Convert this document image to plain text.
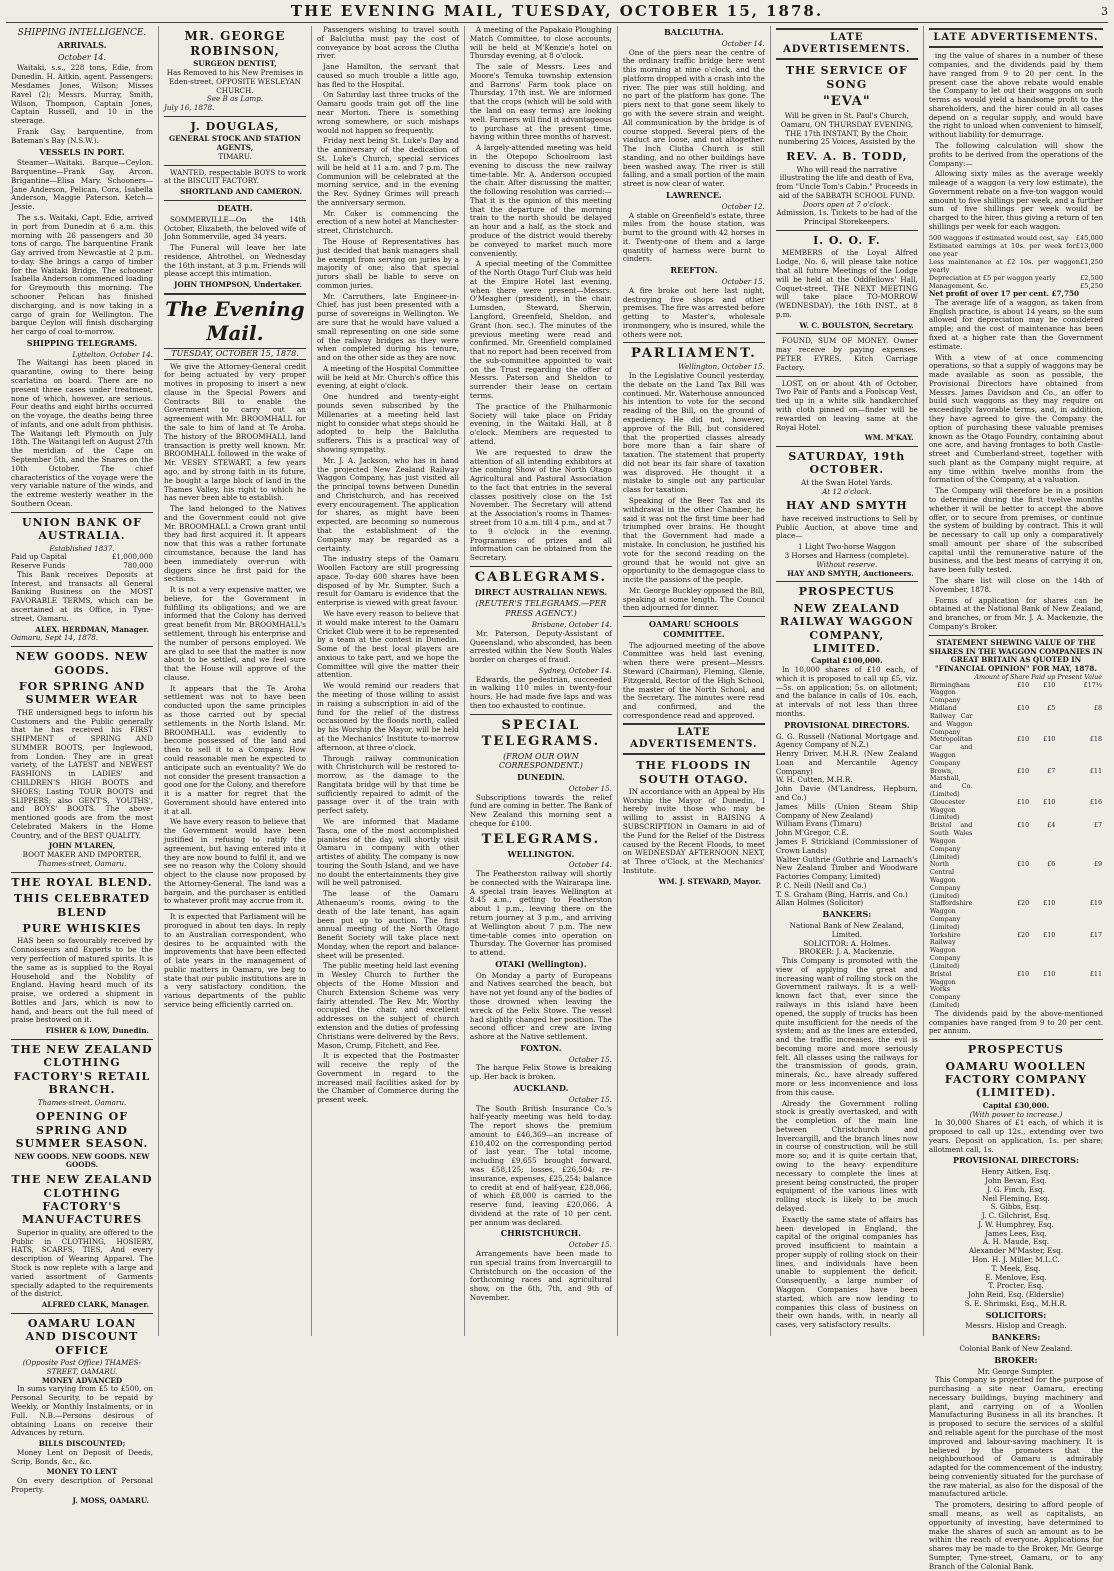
THE EVENING MAIL, TUESDAY, OCTOBER 15, 1878.	3
SHIPPING INTELLIGENCE.
ARRIVALS.
October 14.

Waitaki, s.s., 228 tons, Edie, from Dunedin. H. Aitkin, agent. Passengers: Mesdames Jones, Wilson; Misses Ravel (2); Messrs. Murray, Smith, Wilson, Thompson, Captain Jones, Captain Russell, and 10 in the steerage.

Frank Gay, barquentine, from Bateman's Bay (N.S.W.).

VESSELS IN PORT.

Steamer—Waitaki. Barque—Ceylon. Barquentine—Frank Gay, Arcon. Brigantine—Elisa Mary. Schooners—Jane Anderson, Pelican, Cora, Isabella Anderson, Maggie Paterson. Ketch—Jessie.

The s.s. Waitaki, Capt. Edie, arrived in port from Dunedin at 6 a.m. this morning with 26 passengers and 30 tons of cargo. The barquentine Frank Gay arrived from Newcastle at 2 p.m. to-day. She brings a cargo of timber for the Waitaki Bridge. The schooner Isabella Anderson commenced loading for Greymouth this morning. The schooner Pelican has finished discharging, and is now taking in a cargo of grain for Wellington. The barque Ceylon will finish discharging her cargo of coal to-morrow.

SHIPPING TELEGRAMS.
Lyttelton, October 14.

The Waitangi has been placed in quarantine, owing to there being scarlatina on board. There are no present three cases under treatment, none of which, however, are serious. Four deaths and eight births occurred on the voyage, the deaths being three of infants, and one adult from phthisis. The Waitangi left Plymouth on July 18th. The Waitangi left on August 27th the meridian of the Cape on September 5th, and the Snares on the 10th October. The chief characteristics of the voyage were the very variable nature of the winds, and the extreme westerly weather in the Southern Ocean.

UNION BANK OF AUSTRALIA.
Established 1837.
Paid up Capital	£1,000,000
Reserve Funds	780,000

This Bank receives Deposits at Interest, and transacts all General Banking Business on the MOST FAVORABLE TERMS, which can be ascertained at its Office, in Tyne-street, Oamaru.

ALEX. HERDMAN, Manager.
Oamaru, Sept 14, 1878.
NEW GOODS. NEW GOODS.
FOR SPRING AND SUMMER WEAR

THE undersigned begs to inform his Customers and the Public generally that he has received his FIRST SHIPMENT of SPRING AND SUMMER BOOTS, per Inglewood, from London. They are in great variety, of the LATEST and NEWEST FASHIONS in LADIES' and CHILDREN'S HIGH BOOTS and SHOES; Lasting TOUR BOOTS and SLIPPERS; also GENT'S, YOUTHS', and BOYS' BOOTS. The above-mentioned goods are from the most Celebrated Makers in the Home Country, and of the BEST QUALITY.

JOHN M'LAREN,
BOOT MAKER AND IMPORTER,
Thames-street, Oamaru.
THE ROYAL BLEND.
THIS CELEBRATED BLEND
PURE WHISKIES

HAS been so favourably received by Connoisseurs and Experts to be the very perfection of matured spirits. It is the same as is supplied to the Royal Household and the Nobility of England. Having heard much of its praise, we ordered a shipment in Bottles and Jars, which is now to hand, and bears out the full meed of praise bestowed on it.

FISHER & LOW, Dunedin.
THE NEW ZEALAND CLOTHING FACTORY'S RETAIL BRANCH.
Thames-street, Oamaru.
OPENING OF SPRING AND SUMMER SEASON.
NEW GOODS. NEW GOODS. NEW GOODS.
THE NEW ZEALAND CLOTHING FACTORY'S MANUFACTURES

Superior in quality, are offered to the Public in CLOTHING, HOSIERY, HATS, SCARFS, TIES, And every description of Wearing Apparel. The Stock is now replete with a large and varied assortment of Garments specially adapted to the requirements of the district.

ALFRED CLARK, Manager.
OAMARU LOAN AND DISCOUNT OFFICE
(Opposite Post Office) THAMES-STREET, OAMARU.
MONEY ADVANCED

In sums varying from £5 to £500, on Personal Security, to be repaid by Weekly, or Monthly Instalments, or in Full. N.B.—Persons desirous of obtaining Loans on receive their Advances by return.

BILLS DISCOUNTED;

Money Lent on Deposit of Deeds, Scrip, Bonds, &c., &c.

MONEY TO LENT

On every description of Personal Property.

J. MOSS, OAMARU.
MR. GEORGE ROBINSON,
SURGEON DENTIST,
Has Removed to his New Premises in Eden-street, OPPOSITE WESLEYAN CHURCH.
See B as Lamp.
July 16, 1878.
J. DOUGLAS,
GENERAL STOCK AND STATION AGENTS,
TIMARU.

WANTED, respectable BOYS to work at the BISCUIT FACTORY.

SHORTLAND AND CAMERON.
DEATH.

SOMMERVILLE—On the 14th October, Elizabeth, the beloved wife of John Sommerville, aged 34 years.

The Funeral will leave her late residence, Ahtrothel, on Wednesday the 16th instant, at 3 p.m. Friends will please accept this intimation.

JOHN THOMPSON, Undertaker.
The Evening Mail.
TUESDAY, OCTOBER 15, 1878.

We give the Attorney-General credit for being actuated by very proper motives in proposing to insert a new clause in the Special Powers and Contracts Bill to enable the Government to carry out an agreement with Mr. BROOMHALL for the sale to him of land at Te Aroha. The history of the BROOMHALL land transaction is pretty well known. Mr. BROOMHALL followed in the wake of Mr. VESEY STEWART, a few years ago, and by strong faith in its future, he bought a large block of land in the Thames Valley, his right to which he has never been able to establish.

The land belonged to the Natives and the Government could not give Mr. BROOMHALL a Crown grant until they had first acquired it. It appears now that this was a rather fortunate circumstance, because the land has been immediately over-run with diggers since he first paid for the sections.

It is not a very expensive matter, we believe, for the Government in fulfilling its obligations; and we are informed that the Colony has derived great benefit from Mr. BROOMHALL's settlement, through his enterprise and the number of persons employed. We are glad to see that the matter is now about to be settled, and we feel sure that the House will approve of the clause.

It appears that the Te Aroha settlement was not to have been conducted upon the same principles as those carried out by special settlements in the North Island. Mr. BROOMHALL was evidently to become possessed of the land and then to sell it to a Company. How could reasonable men be expected to anticipate such an eventuality? We do not consider the present transaction a good one for the Colony, and therefore it is a matter for regret that the Government should have entered into it at all.

We have every reason to believe that the Government would have been justified in refusing to ratify the agreement, but having entered into it they are now bound to fulfil it, and we see no reason why the Colony should object to the clause now proposed by the Attorney-General. The land was a bargain, and the purchaser is entitled to whatever profit may accrue from it.

It is expected that Parliament will be prorogued in about ten days. In reply to an Australian correspondent, who desires to be acquainted with the improvements that have been effected of late years in the management of public matters in Oamaru, we beg to state that our public institutions are in a very satisfactory condition, the various departments of the public service being efficiently carried on.

Passengers wishing to travel south of Balclutha must pay the cost of conveyance by boat across the Clutha river.

Jane Hamilton, the servant that caused so much trouble a little ago, has fled to the Hospital.

On Saturday last three trucks of the Oamaru goods train got off the line near Morton. There is something wrong somewhere, or such mishaps would not happen so frequently.

Friday next being St. Luke's Day and the anniversary of the dedication of St. Luke's Church, special services will be held at 11 a.m. and 7 p.m. The Communion will be celebrated at the morning service, and in the evening the Rev. Sydney Grimes will preach the anniversary sermon.

Mr. Coker is commencing the erection of a new hotel at Manchester-street, Christchurch.

The House of Representatives has just decided that bank managers shall be exempt from serving on juries by a majority of one; also that special jurors shall be liable to serve on common juries.

Mr. Carruthers, late Engineer-in-Chief, has just been presented with a purse of sovereigns in Wellington. We are sure that he would have valued a small representing on one side some of the railway bridges as they were when completed during his tenure, and on the other side as they are now.

A meeting of the Hospital Committee will be held at Mr. Church's office this evening, at eight o'clock.

One hundred and twenty-eight pounds seven subscribed by the Millenaries at a meeting held last night to consider what steps should be adopted to help the Balclutha sufferers. This is a practical way of showing sympathy.

Mr. J. A. Jackson, who has in hand the projected New Zealand Railway Waggon Company, has just visited all the principal towns between Dunedin and Christchurch, and has received every encouragement. The application for shares, as might have been expected, are becoming so numerous that the establishment of the Company may be regarded as a certainty.

The industry steps of the Oamaru Woollen Factory are still progressing apace. To-day 600 shares have been disposed of by Mr. Sumpter. Such a result for Oamaru is evidence that the enterprise is viewed with great favour.

We have every reason to believe that it would make interest to the Oamaru Cricket Club were it to be represented by a team at the contest in Dunedin. Some of the best local players are anxious to take part, and we hope the Committee will give the matter their attention.

We would remind our readers that the meeting of those willing to assist in raising a subscription in aid of the fund for the relief of the distress occasioned by the floods north, called by his Worship the Mayor, will be held at the Mechanics' Institute to-morrow afternoon, at three o'clock.

Through railway communication with Christchurch will be restored to-morrow, as the damage to the Rangitata bridge will by that time be sufficiently repaired to admit of the passage over it of the train with perfect safety.

We are informed that Madame Tasca, one of the most accomplished pianistes of the day, will shortly visit Oamaru in company with other artistes of ability. The company is now touring the South Island, and we have no doubt the entertainments they give will be well patronised.

The lease of the Oamaru Athenaeum's rooms, owing to the death of the late tenant, has again been put up to auction. The first annual meeting of the North Otago Benefit Society will take place next Monday, when the report and balance-sheet will be presented.

The public meeting held last evening in Wesley Church to further the objects of the Home Mission and Church Extension Scheme was very fairly attended. The Rev. Mr. Worthy occupied the chair, and excellent addresses on the subject of church extension and the duties of professing Christians were delivered by the Revs. Mason, Crump, Fitchett, and Fee.

It is expected that the Postmaster will receive the reply of the Government in regard to the increased mail facilities asked for by the Chamber of Commerce during the present week.

A meeting of the Papakaio Ploughing Match Committee, to close accounts, will be held at M'Kenzie's hotel on Thursday evening, at 8 o'clock.

The sale of Messrs. Lees and Moore's Temuka township extension and Barrons' Farm took place on Thursday, 17th inst. We are informed that the crops (which will be sold with the land on easy terms) are looking well. Farmers will find it advantageous to purchase at the present time, having within three months of harvest.

A largely-attended meeting was held in the Otepopo Schoolroom last evening to discuss the new railway time-table. Mr. A. Anderson occupied the chair. After discussing the matter, the following resolution was carried:—That it is the opinion of this meeting that the departure of the morning train to the north should be delayed an hour and a half, as the stock and produce of the district would thereby be conveyed to market much more conveniently.

A special meeting of the Committee of the North Otago Turf Club was held at the Empire Hotel last evening, when there were present—Messrs. O'Meagher (president), in the chair, Lumsden, Steward, Sherwin, Langford, Greenfield, Sheldon, and Grant (hon. sec.). The minutes of the previous meeting were read and confirmed. Mr. Greenfield complained that no report had been received from the sub-committee appointed to wait on the Trust regarding the offer of Messrs. Paterson and Sheldon to surrender their lease on certain terms.

The practice of the Philharmonic Society will take place on Friday evening, in the Waitaki Hall, at 8 o'clock. Members are requested to attend.

We are requested to draw the attention of all intending exhibitors at the coming Show of the North Otago Agricultural and Pastoral Association to the fact that entries in the several classes positively close on the 1st November. The Secretary will attend at the Association's rooms in Thames-street from 10 a.m. till 4 p.m., and at 7 to 9 o'clock in the evening. Programmes of prizes and all information can be obtained from the Secretary.

CABLEGRAMS.
DIRECT AUSTRALIAN NEWS.
(REUTER'S TELEGRAMS.—PER PRESS AGENCY.)
Brisbane, October 14.

Mr. Paterson, Deputy-Assistant of Queensland, who absconded, has been arrested within the New South Wales border on charges of fraud.

Sydney, October 14.

Edwards, the pedestrian, succeeded in walking 110 miles in twenty-four hours. He had made five laps and was then too exhausted to continue.

SPECIAL TELEGRAMS.
(FROM OUR OWN CORRESPONDENT.)
DUNEDIN.
October 15.

Subscriptions towards the relief fund are coming in better. The Bank of New Zealand this morning sent a cheque for £100.

TELEGRAMS.
WELLINGTON.
October 14.

The Featherston railway will shortly be connected with the Wairarapa line. A special train leaves Wellington at 8.45 a.m., getting to Featherston about 1 p.m., leaving there on the return journey at 3 p.m., and arriving at Wellington about 7 p.m. The new time-table comes into operation on Thursday. The Governor has promised to attend.

OTAKI (Wellington).

On Monday a party of Europeans and Natives searched the beach, but have not yet found any of the bodies of those drowned when leaving the wreck of the Felix Stowe. The vessel had slightly changed her position. The second officer and crew are living ashore at the Native settlement.

FOXTON.
October 15.

The barque Felix Stowe is breaking up. Her back is broken.

AUCKLAND.
October 15.

The South British Insurance Co.'s half-yearly meeting was held to-day. The report shows the premium amount to £46,369—an increase of £10,402 on the corresponding period of last year. The total income, including £9,655 brought forward, was £58,125; losses, £26,504; re-insurance, expenses, £25,254; balance to credit at end of half-year, £28,066, of which £8,000 is carried to the reserve fund, leaving £20,066. A dividend at the rate of 10 per cent. per annum was declared.

CHRISTCHURCH.
October 15.

Arrangements have been made to run special trains from Invercargill to Christchurch on the occasion of the forthcoming races and agricultural show, on the 6th, 7th, and 9th of November.

BALCLUTHA.
October 14.

One of the piers near the centre of the ordinary traffic bridge here went this morning at nine o'clock, and the platform dropped with a crash into the river. The pier was still holding, and no part of the platform has gone. The piers next to that gone seem likely to go with the severe strain and weight. All communication by the bridge is of course stopped. Several piers of the viaduct are loose, and not altogether. The Inch Clutha Church is still standing, and no other buildings have been washed away. The river is still falling, and a small portion of the main street is now clear of water.

LAWRENCE.
October 12.

A stable on Greenfield's estate, three miles from the house station, was burnt to the ground with 42 horses in it. Twenty-one of them and a large quantity of harness were burnt to cinders.

REEFTON.
October 15.

A fire broke out here last night, destroying five shops and other premises. The fire was arrested before getting to Master's, wholesale ironmongery, who is insured, while the others were not.

PARLIAMENT.
Wellington, October 15.

In the Legislative Council yesterday, the debate on the Land Tax Bill was continued. Mr. Waterhouse announced his intention to vote for the second reading of the Bill, on the ground of expediency. He did not, however, approve of the Bill, but considered that the propertied classes already bore more than a fair share of taxation. The statement that property did not bear its fair share of taxation was disproved. He thought it a mistake to single out any particular class for taxation.

Speaking of the Beer Tax and its withdrawal in the other Chamber, he said it was not the first time beer had triumphed over brains. He thought that the Government had made a mistake. In conclusion, he justified his vote for the second reading on the ground that he would not give an opportunity to the demagogue class to incite the passions of the people.

Mr. George Buckley opposed the Bill, speaking at some length. The Council then adjourned for dinner.

OAMARU SCHOOLS COMMITTEE.

The adjourned meeting of the above Committee was held last evening, when there were present—Messrs. Steward (Chairman), Fleming, Glenie, Fitzgerald, Rector of the High School, the master of the North School, and the Secretary. The minutes were read and confirmed, and the correspondence read and approved.

LATE ADVERTISEMENTS.
THE FLOODS IN SOUTH OTAGO.

IN accordance with an Appeal by His Worship the Mayor of Dunedin, I hereby invite those who may be willing to assist in RAISING A SUBSCRIPTION in Oamaru in aid of the Fund for the Relief of the Distress caused by the Recent Floods, to meet on WEDNESDAY AFTERNOON NEXT, at Three o'Clock, at the Mechanics' Institute.

WM. J. STEWARD, Mayor.
LATE ADVERTISEMENTS.
THE SERVICE OF SONG
"EVA"
Will be given in St. Paul's Church, Oamaru, ON THURSDAY EVENING, THE 17th INSTANT, By the Choir, numbering 25 Voices, Assisted by the
REV. A. B. TODD,
Who will read the narrative illustrating the life and death of Eva, from "Uncle Tom's Cabin." Proceeds in aid of the SABBATH SCHOOL FUND.
Doors open at 7 o'clock.
Admission, 1s. Tickets to be had of the Principal Storekeepers.
I. O. O. F.

MEMBERS of the Loyal Alfred Lodge, No. 6, will please take notice that all future Meetings of the Lodge will be held at the Oddfellows' Hall, Coquet-street. THE NEXT MEETING will take place TO-MORROW (WEDNESDAY), the 16th INST., at 8 p.m.

W. C. BOULSTON, Secretary.

FOUND, SUM OF MONEY. Owner may receive by paying expenses. PETER EYRES, Kitch Carriage Factory.

LOST, on or about 4th of October, Two Pair of Pants and a Foolscap Vest, tied up in a white silk handkerchief with cloth pinned on—finder will be rewarded on leaving same at the Royal Hotel.

WM. M'KAY.
SATURDAY, 19th OCTOBER.
At the Swan Hotel Yards.
At 12 o'clock.
HAY AND SMYTH

have received instructions to Sell by Public Auction, at above time and place—

1 Light Two-horse Waggon
3 Horses and Harness (complete).
Without reserve.
HAY AND SMYTH, Auctioneers.
PROSPECTUS
NEW ZEALAND RAILWAY WAGGON COMPANY, LIMITED.
Capital £100,000.

In 10,000 shares of £10 each, of which it is proposed to call up £5, viz.—5s. on application; 5s. on allotment; and the balance in calls of 10s. each, at intervals of not less than three months.

PROVISIONAL DIRECTORS.
G. G. Russell (National Mortgage and Agency Company of N.Z.)
Henry Driver, M.H.R. (New Zealand Loan and Mercantile Agency Company)
W. H. Cutten, M.H.R.
John Davie (M'Landress, Hepburn, and Co.)
James Mills (Union Steam Ship Company of New Zealand)
William Evans (Timaru)
John M'Gregor, C.E.
James F. Strickland (Commissioner of Crown Lands)
Walter Guthrie (Guthrie and Larnach's New Zealand Timber and Woodware Factories Company, Limited)
P. C. Neill (Neill and Co.)
T. S. Graham (Bing, Harris, and Co.)
Allan Holmes (Solicitor)
BANKERS:
National Bank of New Zealand, Limited.
SOLICITOR: A. Holmes.
BROKER: J. A. Mackenzie.

This Company is promoted with the view of applying the great and increasing want of rolling stock on the Government railways. It is a well-known fact that, ever since the railways in this island have been opened, the supply of trucks has been quite insufficient for the needs of the system; and as the lines are extended, and the traffic increases, the evil is becoming more and more seriously felt. All classes using the railways for the transmission of goods, grain, minerals, &c., have already suffered more or less inconvenience and loss from this cause.

Already the Government rolling stock is greatly overtasked, and with the completion of the main line between Christchurch and Invercargill, and the branch lines now in course of construction, will be still more so; and it is quite certain that, owing to the heavy expenditure necessary to complete the lines at present being constructed, the proper equipment of the various lines with rolling stock is likely to be much delayed.

Exactly the same state of affairs has been developed in England, the capital of the original companies has proved insufficient to maintain a proper supply of rolling stock on their lines, and individuals have been unable to supplement the deficit. Consequently, a large number of Waggon Companies have been started, which are now lending to companies this class of business on their own hands, with, in nearly all cases, very satisfactory results.

LATE ADVERTISEMENTS.

ing the value of shares in a number of these companies, and the dividends paid by them have ranged from 9 to 20 per cent. In the present case the above rebate would enable the Company to let out their waggons on such terms as would yield a handsome profit to the shareholders, and the hirer could in all cases depend on a regular supply, and would have the right to unload when convenient to himself, without liability for demurrage.

The following calculation will show the profits to be derived from the operations of the Company:—

Allowing sixty miles as the average weekly mileage of a waggon (a very low estimate), the Government rebate on a five-ton waggon would amount to five shillings per week, and a further sum of five shillings per week would be charged to the hirer, thus giving a return of ten shillings per week for each waggon.

500 waggons if estimated would cost, say £45,000
Estimated earnings at 10s. per week for one year
£13,000
Less maintenance at £2 10s. per waggon yearly
£1,250
Depreciation at £5 per waggon yearly	£2,500
Management, &c.	£5,250
Net profit of over 17 per cent. £7,750

The average life of a waggon, as taken from English practice, is about 14 years, so the sum allowed for depreciation may be considered ample; and the cost of maintenance has been fixed at a higher rate than the Government estimate.

With a view of at once commencing operations, so that a supply of waggons may be made available as soon as possible, the Provisional Directors have obtained from Messrs. James Davidson and Co., an offer to build such waggons as they may require on exceedingly favorable terms, and, in addition, they have agreed to give the Company the option of purchasing these valuable premises known as the Otago Foundry, containing about one acre, and having frontages to both Castle-street and Cumberland-street, together with such plant as the Company might require, at any time within twelve months from the formation of the Company, at a valuation.

The Company will therefore be in a position to determine during the first twelve months whether it will be better to accept the above offer, or to secure from premises, or continue the system of building by contract. This it will be necessary to call up only a comparatively small amount per share of the subscribed capital until the remunerative nature of the business, and the best means of carrying it on, have been fully tested.

The share list will close on the 14th of November, 1878.

Forms of application for shares can be obtained at the National Bank of New Zealand, and branches, or from Mr. J. A. Mackenzie, the Company's Broker.

STATEMENT SHEWING VALUE OF THE SHARES IN THE WAGGON COMPANIES IN GREAT BRITAIN AS QUOTED IN "FINANCIAL OPINION" FOR MAY, 1878.
	Amount of Share	Paid up	Present Value
Birmingham Waggon Company	£10	£10	£17½
Midland Railway Car and Waggon Company	£10	£5	£8
Metropolitan Car and Waggon Company	£10	£10	£18
Brown, Marshall, and Co. (Limited)	£10	£7	£11
Gloucester Waggon (Limited)	£10	£10	£16
Bristol and South Wales Waggon Company (Limited)	£10	£4	£7
North Central Waggon Company (Limited)	£10	£6	£9
Staffordshire Waggon Company (Limited)	£20	£10	£19
Yorkshire Railway Waggon Company (Limited)	£20	£10	£17
Bristol Waggon Works Company (Limited)	£10	£10	£11

The dividends paid by the above-mentioned companies have ranged from 9 to 20 per cent. per annum.

PROSPECTUS
OAMARU WOOLLEN FACTORY COMPANY (LIMITED).
Capital £30,000.
(With power to increase.)

In 30,000 Shares of £1 each, of which it is proposed to call up 12s., extending over two years. Deposit on application, 1s. per share; allotment call, 1s.

PROVISIONAL DIRECTORS:
Henry Aitken, Esq.
John Bevan, Esq.
J. G. Finch, Esq.
Neil Fleming, Esq.
S. Gibbs, Esq.
J. C. Gilchrist, Esq.
J. W. Humphrey, Esq.
James Lees, Esq.
A. H. Maude, Esq.
Alexander M'Master, Esq.
Hon. H. J. Miller, M.L.C.
T. Meek, Esq.
E. Menlove, Esq.
T. Procter, Esq.
John Reid, Esq. (Elderslie)
S. E. Shrimski, Esq., M.H.R.
SOLICITORS:
Messrs. Hislop and Creagh.
BANKERS:
Colonial Bank of New Zealand.
BROKER:
Mr. George Sumpter.

This Company is projected for the purpose of purchasing a site near Oamaru, erecting necessary buildings, buying machinery and plant, and carrying on of a Woollen Manufacturing Business in all its branches. It is proposed to secure the services of a skilful and reliable agent for the purchase of the most improved and labour-saving machinery. It is believed by the promoters that the neighbourhood of Oamaru is admirably adapted for the commencement of the industry, being conveniently situated for the purchase of the raw material, as also for the disposal of the manufactured article.

The promoters, desiring to afford people of small means, as well as capitalists, an opportunity of investing, have determined to make the shares of such an amount as to be within the reach of everyone. Applications for shares may be made to the Broker, Mr. George Sumpter, Tyne-street, Oamaru, or to any Branch of the Colonial Bank.
